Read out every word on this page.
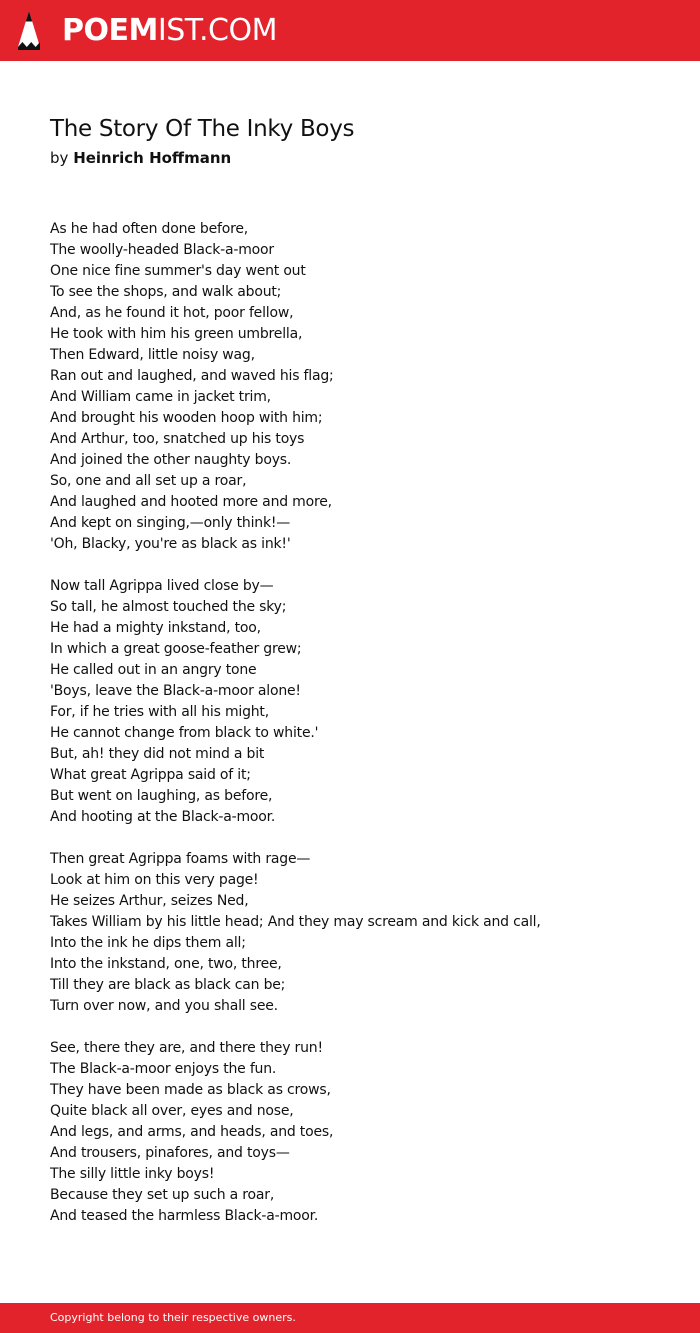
POEMIST.COM
The Story Of The Inky Boys
by Heinrich Hoffmann
As he had often done before,
The woolly-headed Black-a-moor
One nice fine summer's day went out
To see the shops, and walk about;
And, as he found it hot, poor fellow,
He took with him his green umbrella,
Then Edward, little noisy wag,
Ran out and laughed, and waved his flag;
And William came in jacket trim,
And brought his wooden hoop with him;
And Arthur, too, snatched up his toys
And joined the other naughty boys.
So, one and all set up a roar,
And laughed and hooted more and more,
And kept on singing,—only think!—
'Oh, Blacky, you're as black as ink!'
Now tall Agrippa lived close by—
So tall, he almost touched the sky;
He had a mighty inkstand, too,
In which a great goose-feather grew;
He called out in an angry tone
'Boys, leave the Black-a-moor alone!
For, if he tries with all his might,
He cannot change from black to white.'
But, ah! they did not mind a bit
What great Agrippa said of it;
But went on laughing, as before,
And hooting at the Black-a-moor.
Then great Agrippa foams with rage—
Look at him on this very page!
He seizes Arthur, seizes Ned,
Takes William by his little head; And they may scream and kick and call,
Into the ink he dips them all;
Into the inkstand, one, two, three,
Till they are black as black can be;
Turn over now, and you shall see.
See, there they are, and there they run!
The Black-a-moor enjoys the fun.
They have been made as black as crows,
Quite black all over, eyes and nose,
And legs, and arms, and heads, and toes,
And trousers, pinafores, and toys—
The silly little inky boys!
Because they set up such a roar,
And teased the harmless Black-a-moor.
Copyright belong to their respective owners.
